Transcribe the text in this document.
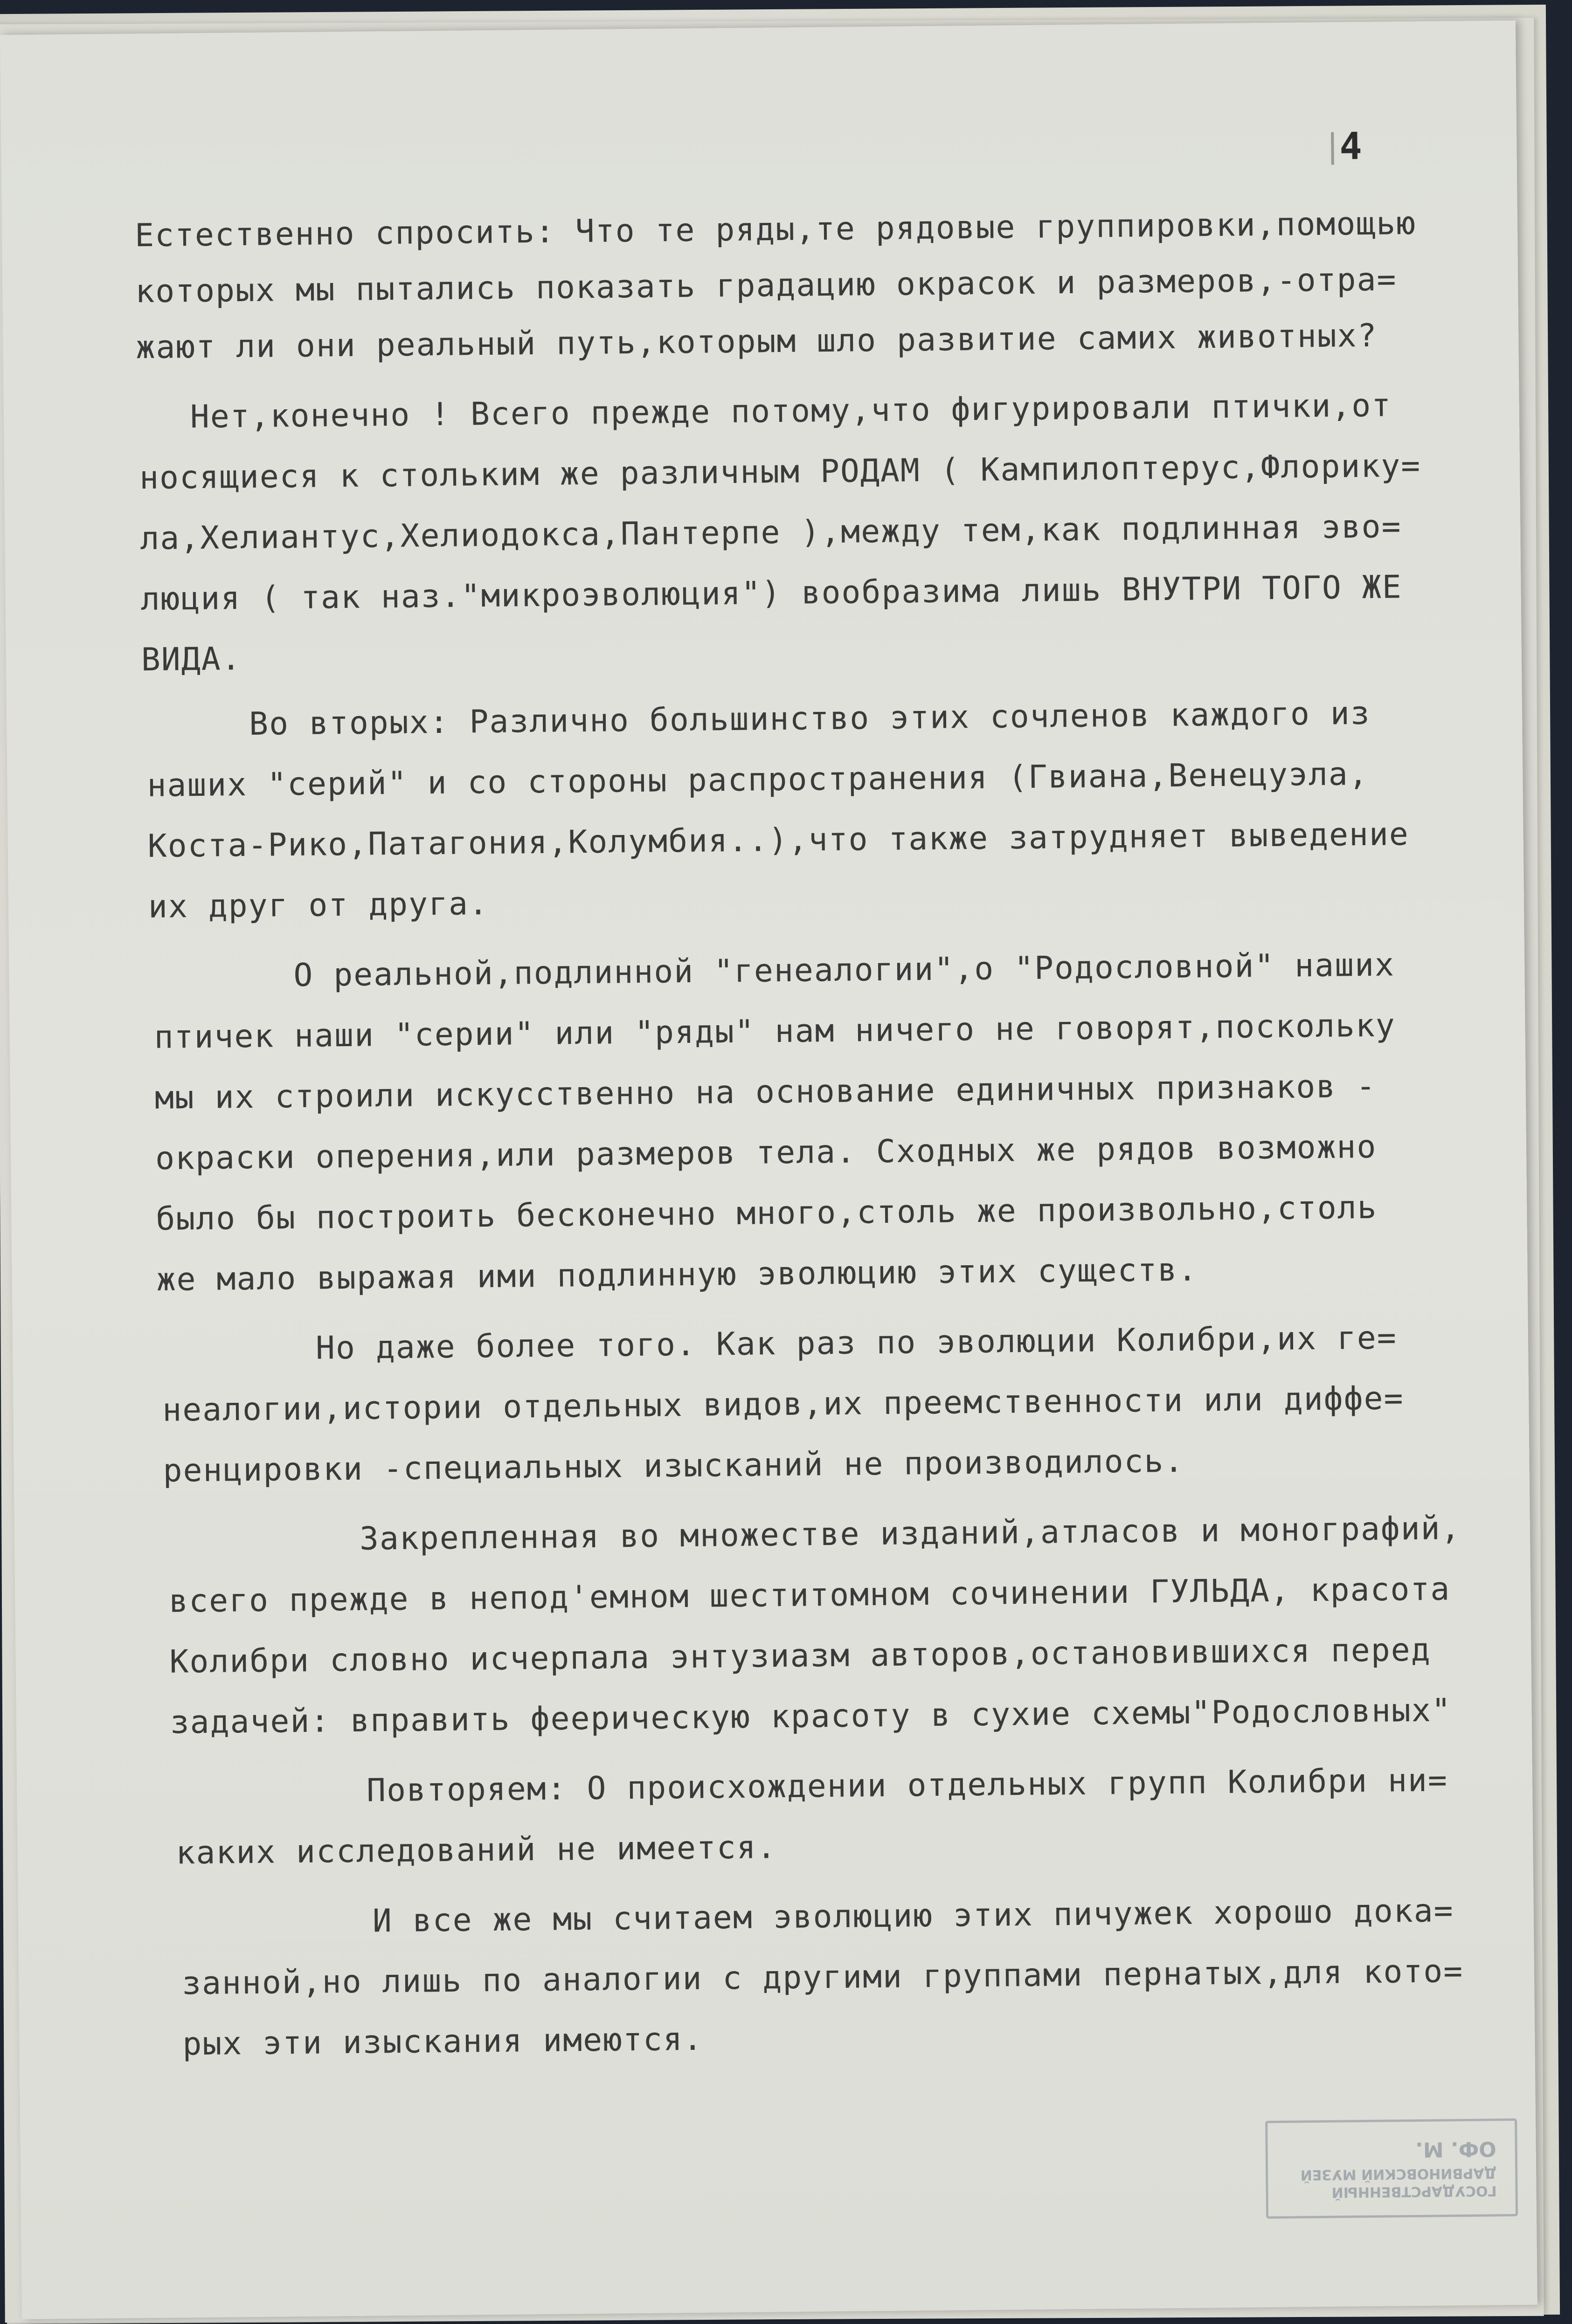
4
Естественно спросить: Что те ряды,те рядовые группировки,помощью
которых мы пытались показать градацию окрасок и размеров,-отра=
жают ли они реальный путь,которым шло развитие самих животных?
Нет,конечно ! Всего прежде потому,что фигурировали птички,от
носящиеся к стольким же различным РОДАМ ( Кампилоптерус,Флорику=
ла,Хелиантус,Хелиодокса,Пантерпе ),между тем,как подлинная эво=
люция ( так наз."микроэволюция") вообразима лишь ВНУТРИ ТОГО ЖЕ
ВИДА.
Во вторых: Различно большинство этих сочленов каждого из
наших "серий" и со стороны распространения (Гвиана,Венецуэла,
Коста-Рико,Патагония,Колумбия..),что также затрудняет выведение
их друг от друга.
О реальной,подлинной "генеалогии",о "Родословной" наших
птичек наши "серии" или "ряды" нам ничего не говорят,поскольку
мы их строили искусственно на основание единичных признаков -
окраски оперения,или размеров тела. Сходных же рядов возможно
было бы построить бесконечно много,столь же произвольно,столь
же мало выражая ими подлинную эволюцию этих существ.
Но даже более того. Как раз по эволюции Колибри,их ге=
неалогии,истории отдельных видов,их преемственности или диффе=
ренцировки -специальных изысканий не производилось.
Закрепленная во множестве изданий,атласов и монографий,
всего прежде в непод'емном шеститомном сочинении ГУЛЬДА, красота
Колибри словно исчерпала энтузиазм авторов,остановившихся перед
задачей: вправить феерическую красоту в сухие схемы"Родословных"
Повторяем: О происхождении отдельных групп Колибри ни=
каких исследований не имеется.
И все же мы считаем эволюцию этих пичужек хорошо дока=
занной,но лишь по аналогии с другими группами пернатых,для кото=
рых эти изыскания имеются.
ГОСУДАРСТВЕННЫЙ
ДАРВИНОВСКИЙ МУЗЕЙ
ОФ. М.
